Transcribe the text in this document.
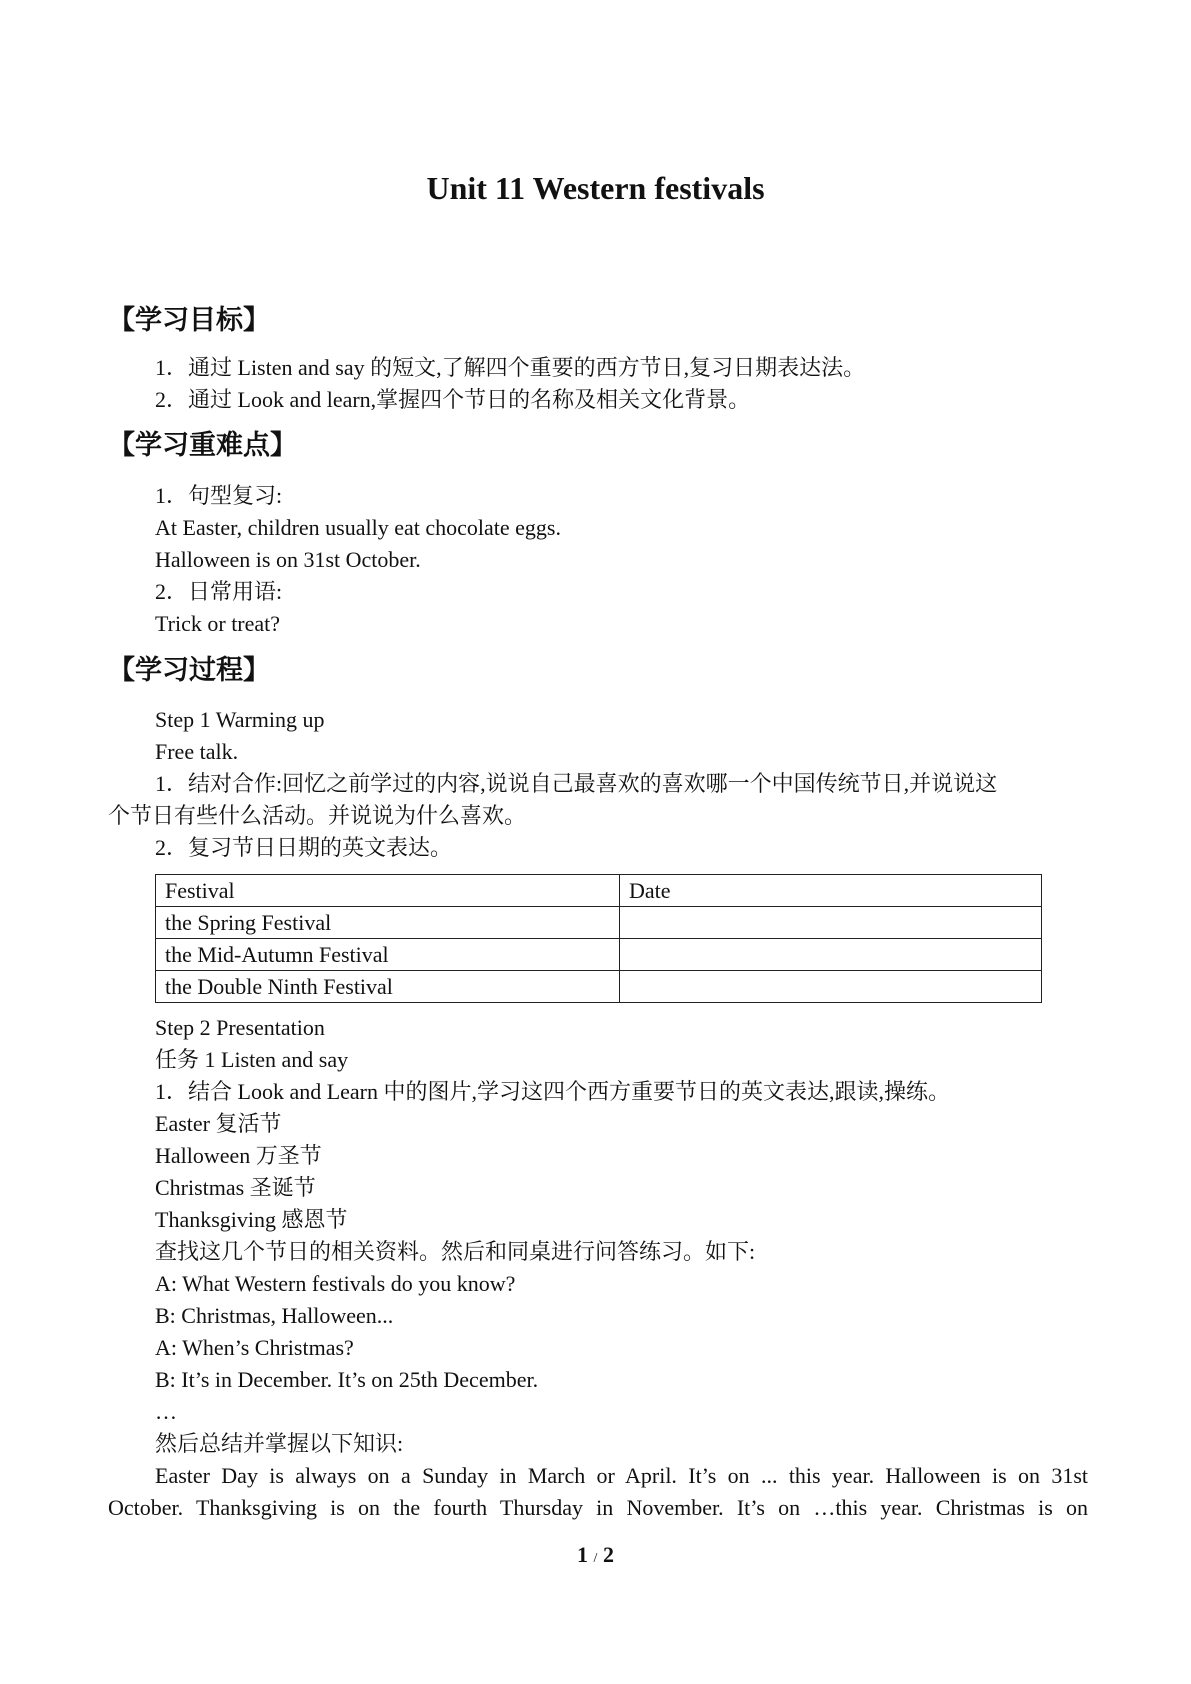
Unit 11 Western festivals
【学习目标】
1．通过 Listen and say 的短文,了解四个重要的西方节日,复习日期表达法。
2．通过 Look and learn,掌握四个节日的名称及相关文化背景。
【学习重难点】
1．句型复习:
At Easter, children usually eat chocolate eggs.
Halloween is on 31st October.
2．日常用语:
Trick or treat?
【学习过程】
Step 1 Warming up
Free talk.
1．结对合作:回忆之前学过的内容,说说自己最喜欢的喜欢哪一个中国传统节日,并说说这
个节日有些什么活动。并说说为什么喜欢。
2．复习节日日期的英文表达。
Festival	Date
the Spring Festival	
the Mid-Autumn Festival	
the Double Ninth Festival	
Step 2 Presentation
任务 1 Listen and say
1．结合 Look and Learn 中的图片,学习这四个西方重要节日的英文表达,跟读,操练。
Easter 复活节
Halloween 万圣节
Christmas 圣诞节
Thanksgiving 感恩节
查找这几个节日的相关资料。然后和同桌进行问答练习。如下:
A: What Western festivals do you know?
B: Christmas, Halloween...
A: When’s Christmas?
B: It’s in December. It’s on 25th December.
…
然后总结并掌握以下知识:
Easter Day is always on a Sunday in March or April. It’s on ... this year. Halloween is on 31st
October. Thanksgiving is on the fourth Thursday in November. It’s on …this year. Christmas is on
1 / 2
